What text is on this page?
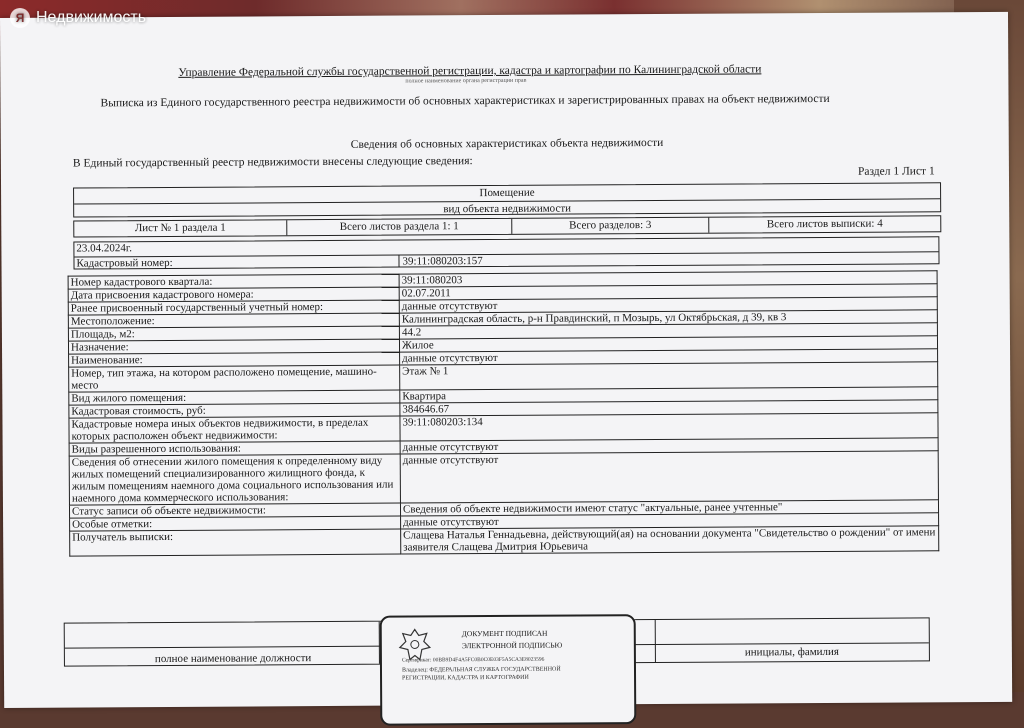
Я Недвижимость
Управление Федеральной службы государственной регистрации, кадастра и картографии по Калининградской области
полное наименование органа регистрации прав
Выписка из Единого государственного реестра недвижимости об основных характеристиках и зарегистрированных правах на объект недвижимости
Сведения об основных характеристиках объекта недвижимости
В Единый государственный реестр недвижимости внесены следующие сведения:
Раздел 1 Лист 1
Помещение
вид объекта недвижимости
Лист № 1 раздела 1	Всего листов раздела 1: 1	Всего разделов: 3	Всего листов выписки: 4
23.04.2024г.
Кадастровый номер:	39:11:080203:157
Номер кадастрового квартала:	39:11:080203
Дата присвоения кадастрового номера:	02.07.2011
Ранее присвоенный государственный учетный номер:	данные отсутствуют
Местоположение:	Калининградская область, р-н Правдинский, п Мозырь, ул Октябрьская, д 39, кв 3
Площадь, м2:	44.2
Назначение:	Жилое
Наименование:	данные отсутствуют
Номер, тип этажа, на котором расположено помещение, машино-место	Этаж № 1
Вид жилого помещения:	Квартира
Кадастровая стоимость, руб:	384646.67
Кадастровые номера иных объектов недвижимости, в пределах которых расположен объект недвижимости:	39:11:080203:134
Виды разрешенного использования:	данные отсутствуют
Сведения об отнесении жилого помещения к определенному виду жилых помещений специализированного жилищного фонда, к жилым помещениям наемного дома социального использования или наемного дома коммерческого использования:	данные отсутствуют
Статус записи об объекте недвижимости:	Сведения об объекте недвижимости имеют статус "актуальные, ранее учтенные"
Особые отметки:	данные отсутствуют
Получатель выписки:	Слащева Наталья Геннадьевна, действующий(ая) на основании документа "Свидетельство о рождении" от имени заявителя Слащева Дмитрия Юрьевича
полное наименование должности	инициалы, фамилия
ДОКУМЕНТ ПОДПИСАН
ЭЛЕКТРОННОЙ ПОДПИСЬЮ
Сертификат: 00BB9D4F4A5FC0B0C0E03F5A5CA3E8023596
Владелец: ФЕДЕРАЛЬНАЯ СЛУЖБА ГОСУДАРСТВЕННОЙ
РЕГИСТРАЦИИ, КАДАСТРА И КАРТОГРАФИИ
